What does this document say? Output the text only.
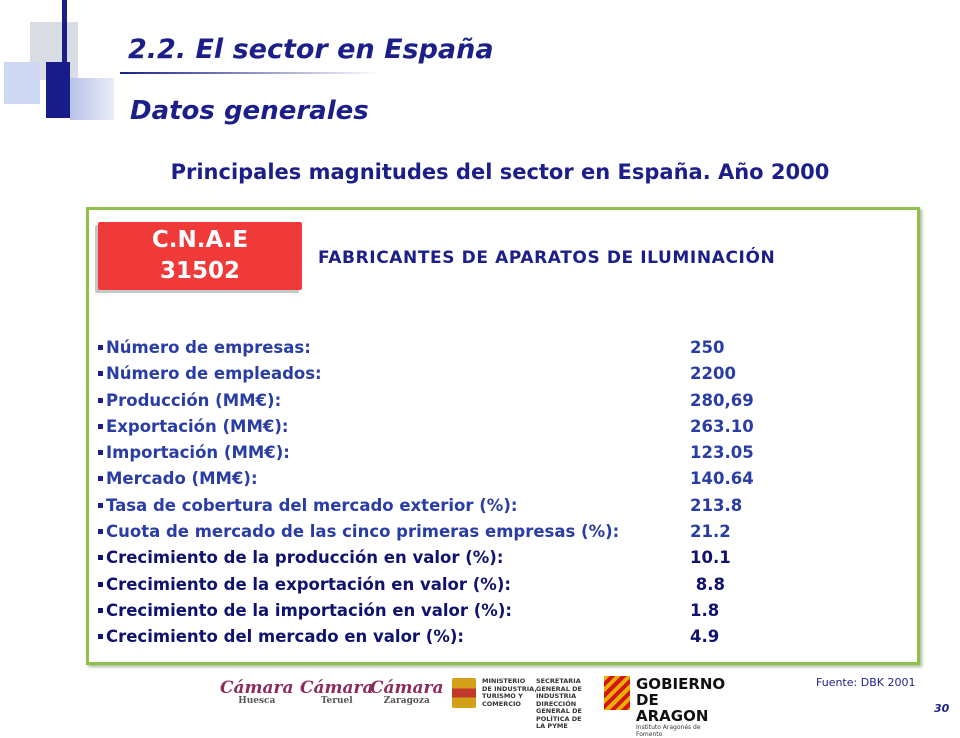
2.2. El sector en España
Datos generales
Principales magnitudes del sector en España. Año 2000
C.N.A.E
31502	FABRICANTES DE APARATOS DE ILUMINACIÓN
Número de empresas:	250
Número de empleados:	2200
Producción (MM€):	280,69
Exportación (MM€):	263.10
Importación (MM€):	123.05
Mercado (MM€):	140.64
Tasa de cobertura del mercado exterior (%):	213.8
Cuota de mercado de las cinco primeras empresas (%):	21.2
Crecimiento de la producción en valor (%):	10.1
Crecimiento de la exportación en valor (%):	8.8
Crecimiento de la importación en valor (%):	1.8
Crecimiento del mercado en valor (%):	4.9
Fuente: DBK 2001
30
Cámara
Huesca
Cámara
Teruel
Cámara
Zaragoza
MINISTERIO
DE INDUSTRIA,
TURISMO Y
COMERCIO
SECRETARIA GENERAL DE
INDUSTRIA
DIRECCIÓN GENERAL DE
POLÍTICA DE LA PYME
GOBIERNO
DE ARAGON
Instituto Aragonés de Fomento
